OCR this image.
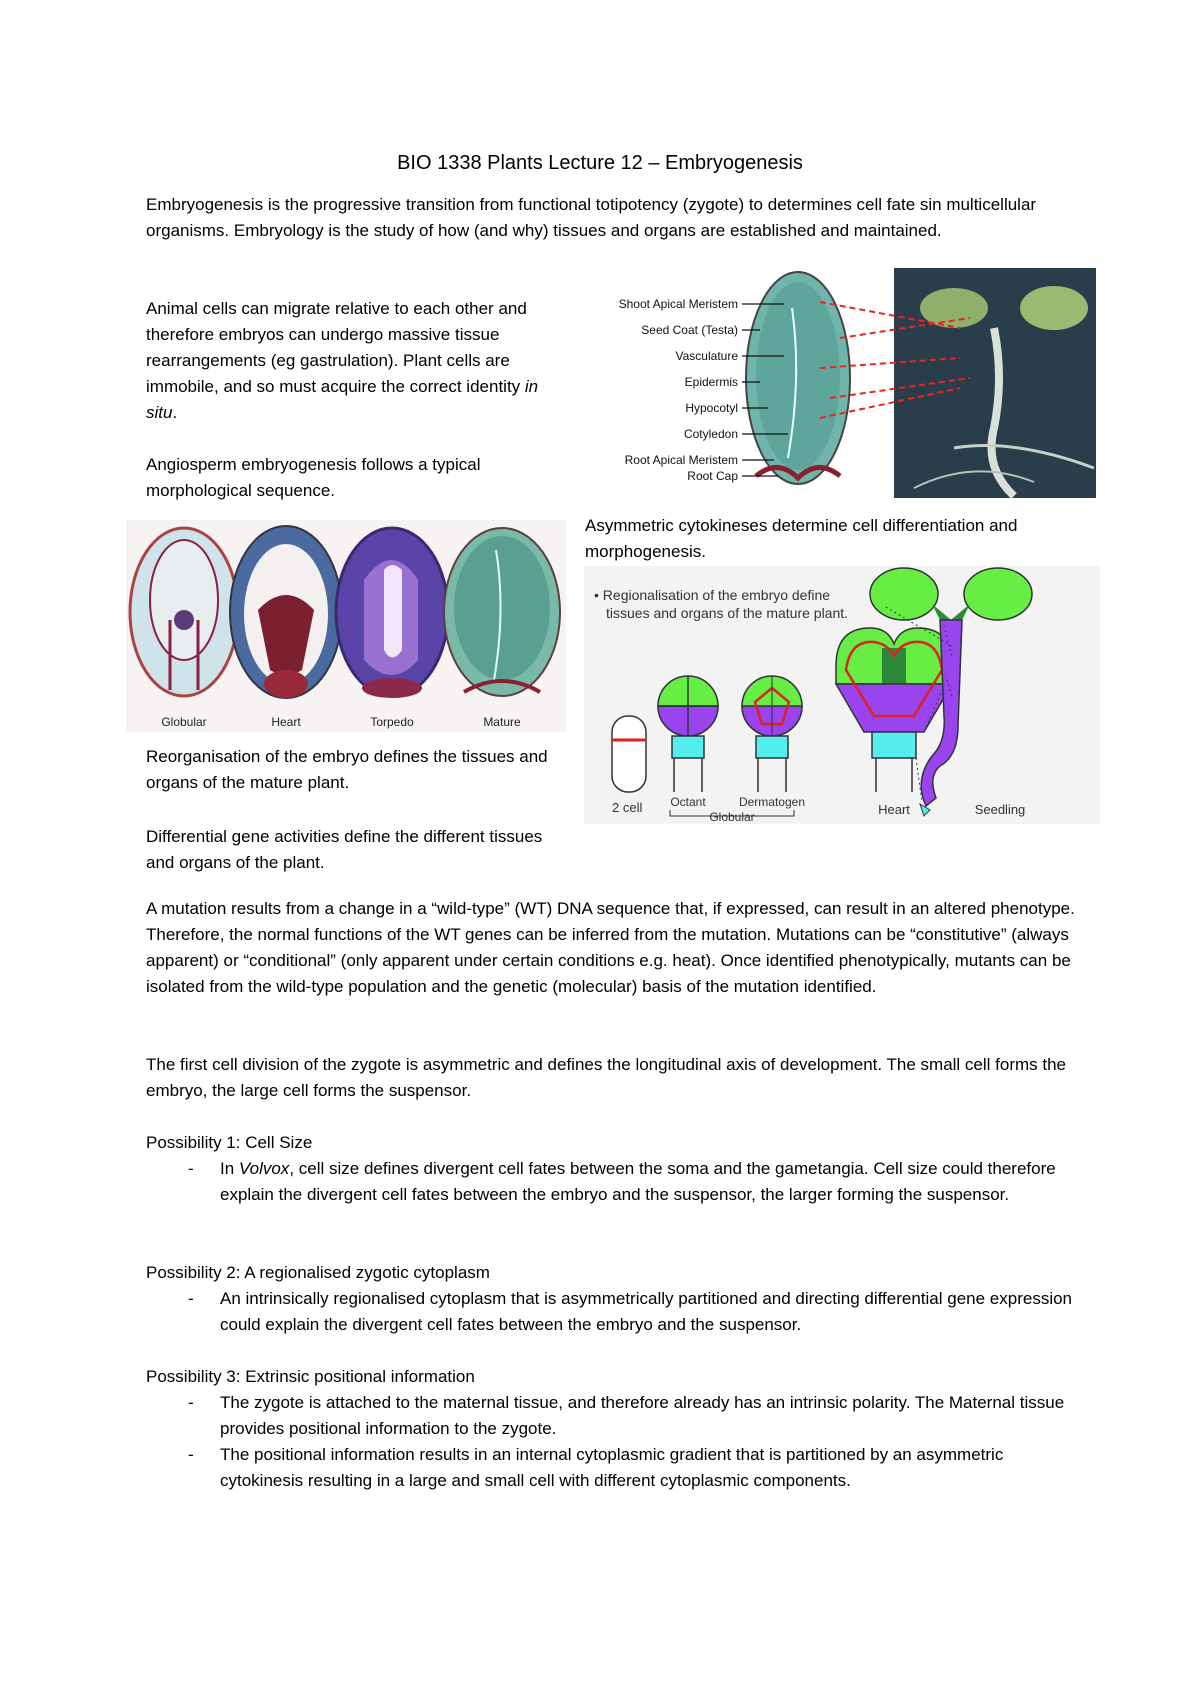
BIO 1338 Plants Lecture 12 – Embryogenesis

Embryogenesis is the progressive transition from functional totipotency (zygote) to determines cell fate sin multicellular organisms. Embryology is the study of how (and why) tissues and organs are established and maintained.

Animal cells can migrate relative to each other and therefore embryos can undergo massive tissue rearrangements (eg gastrulation). Plant cells are immobile, and so must acquire the correct identity in situ.

Angiosperm embryogenesis follows a typical morphological sequence.

Globular	Heart	Torpedo	Mature

Reorganisation of the embryo defines the tissues and organs of the mature plant.

Differential gene activities define the different tissues and organs of the plant.

Shoot Apical Meristem
Seed Coat (Testa)
Vasculature
Epidermis
Hypocotyl
Cotyledon
Root Apical Meristem
Root Cap

Asymmetric cytokineses determine cell differentiation and morphogenesis.

• Regionalisation of the embryo define
tissues and organs of the mature plant.
2 cell Octant	Dermatogen
Globular	Heart	Seedling

A mutation results from a change in a “wild-type” (WT) DNA sequence that, if expressed, can result in an altered phenotype. Therefore, the normal functions of the WT genes can be inferred from the mutation. Mutations can be “constitutive” (always apparent) or “conditional” (only apparent under certain conditions e.g. heat). Once identified phenotypically, mutants can be isolated from the wild-type population and the genetic (molecular) basis of the mutation identified.

The first cell division of the zygote is asymmetric and defines the longitudinal axis of development. The small cell forms the embryo, the large cell forms the suspensor.

Possibility 1: Cell Size

- In Volvox, cell size defines divergent cell fates between the soma and the gametangia. Cell size could therefore explain the divergent cell fates between the embryo and the suspensor, the larger forming the suspensor.

Possibility 2: A regionalised zygotic cytoplasm

- An intrinsically regionalised cytoplasm that is asymmetrically partitioned and directing differential gene expression could explain the divergent cell fates between the embryo and the suspensor.

Possibility 3: Extrinsic positional information

- The zygote is attached to the maternal tissue, and therefore already has an intrinsic polarity. The Maternal tissue provides positional information to the zygote.
- The positional information results in an internal cytoplasmic gradient that is partitioned by an asymmetric cytokinesis resulting in a large and small cell with different cytoplasmic components.
